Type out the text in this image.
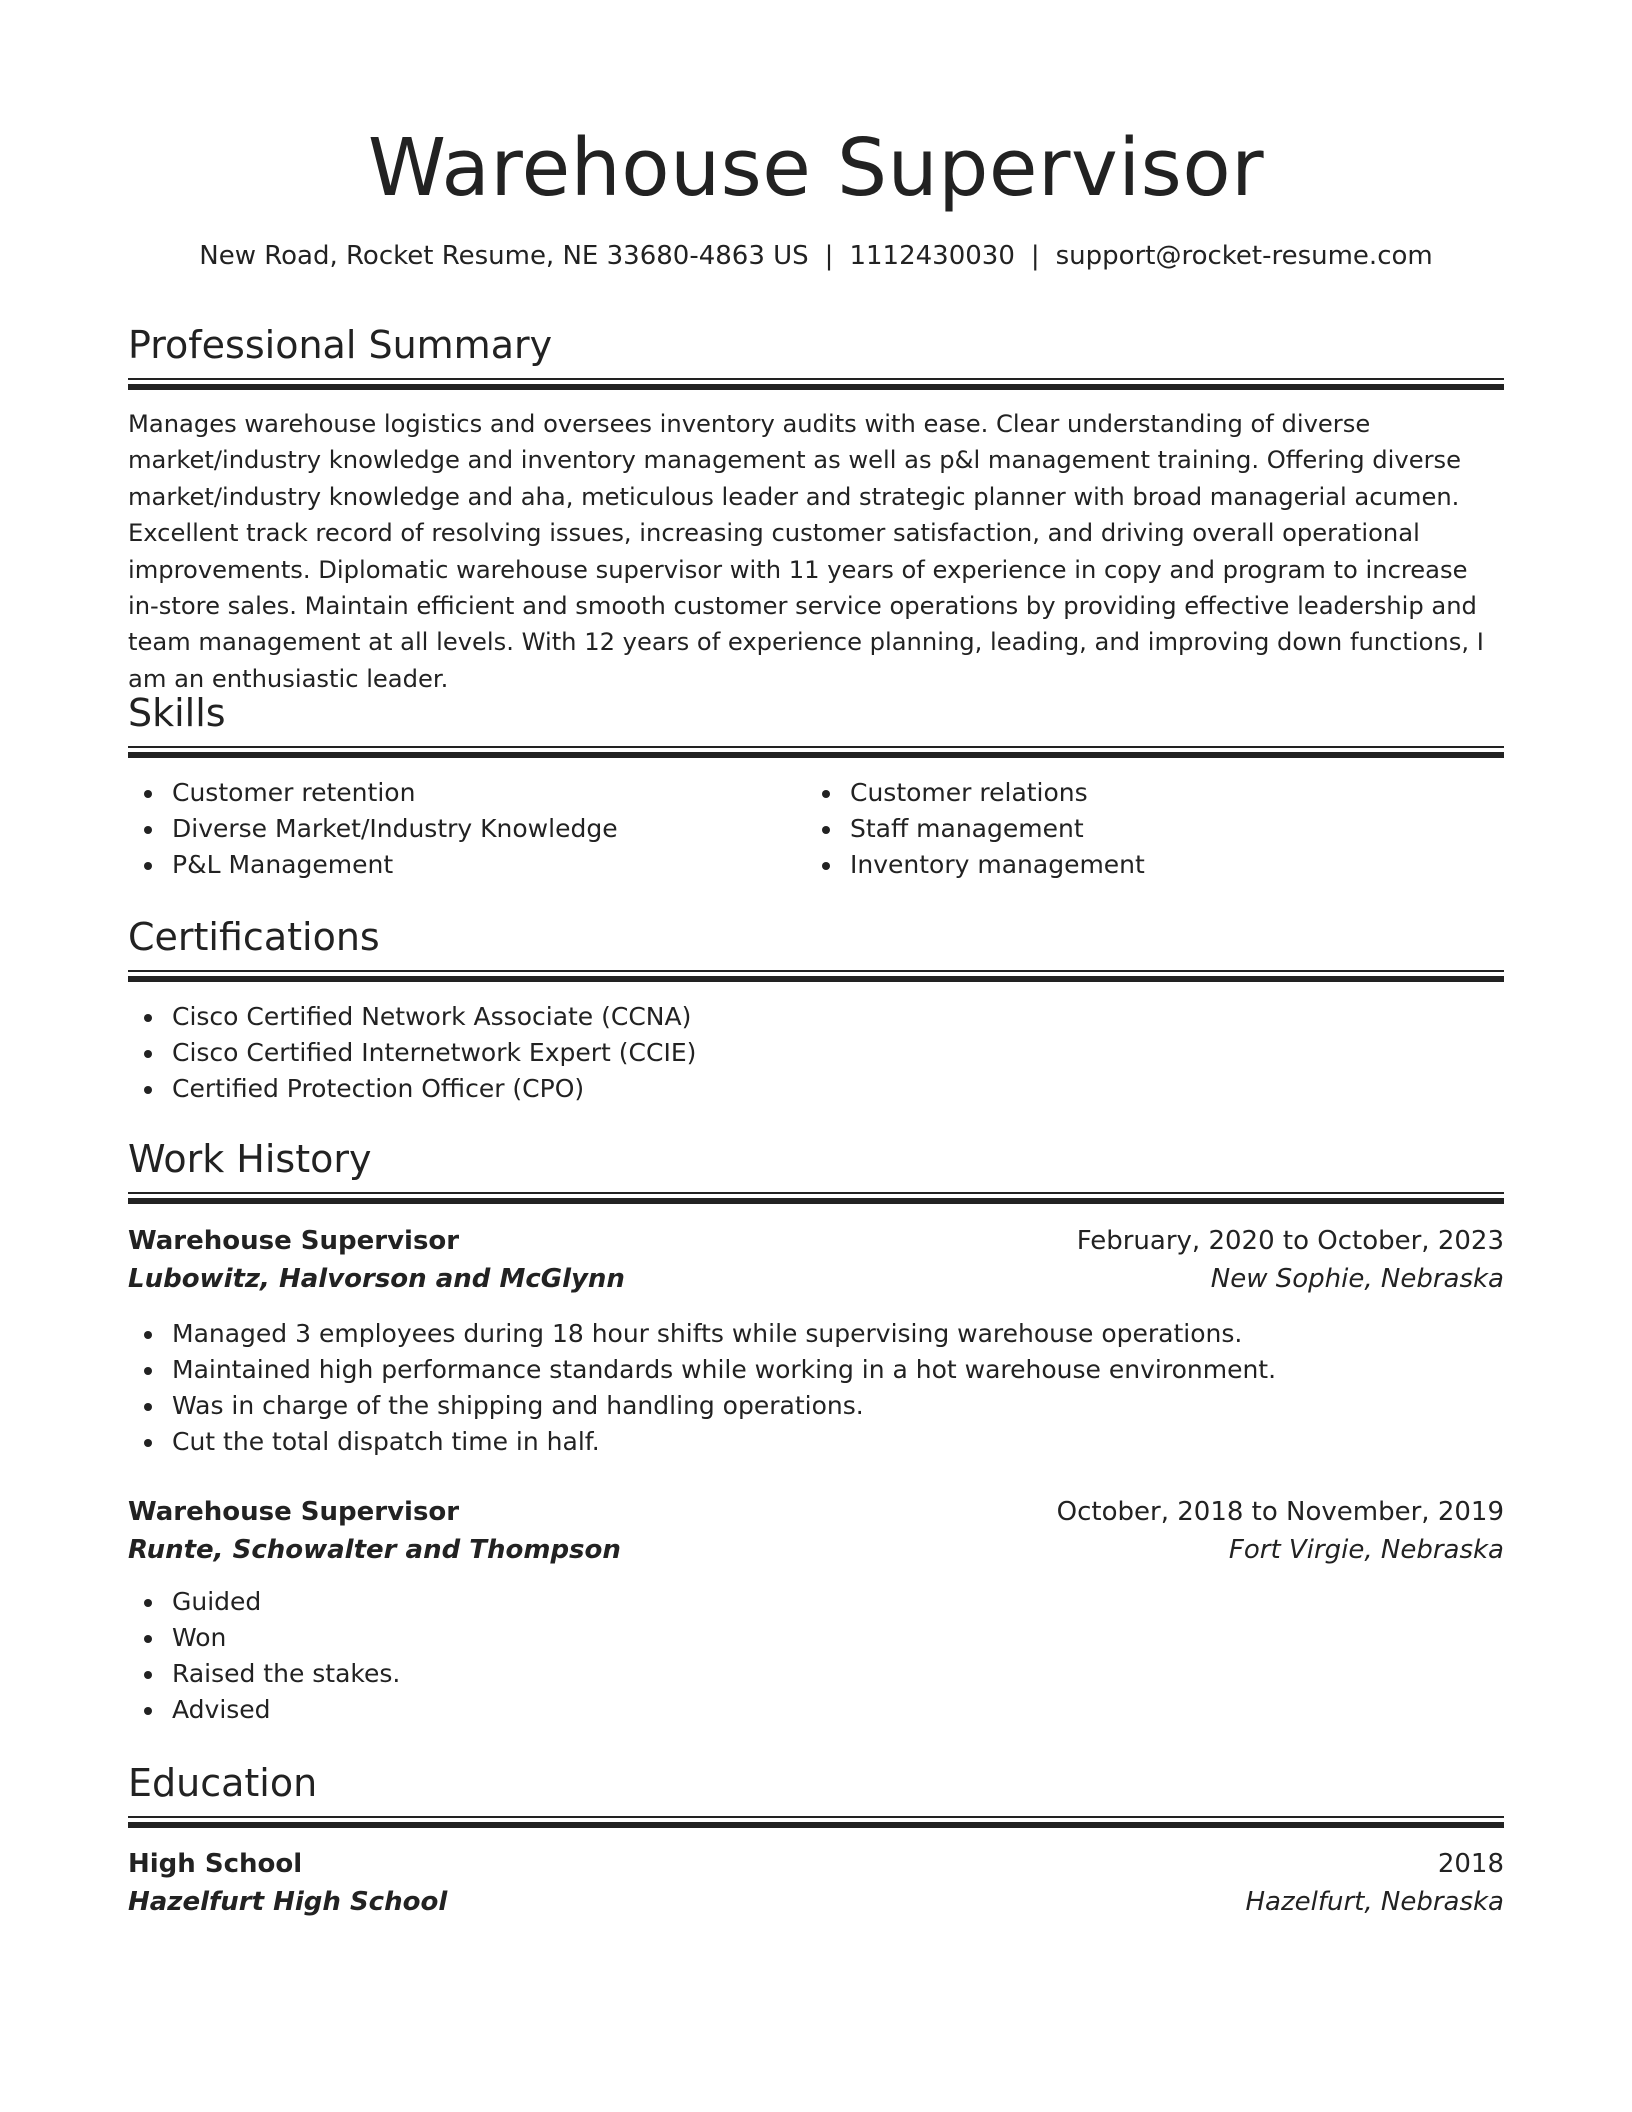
Warehouse Supervisor
New Road, Rocket Resume, NE 33680-4863 US | 1112430030 | support@rocket-resume.com
Professional Summary

Manages warehouse logistics and oversees inventory audits with ease. Clear understanding of diverse market/industry knowledge and inventory management as well as p&l management training. Offering diverse market/industry knowledge and aha, meticulous leader and strategic planner with broad managerial acumen. Excellent track record of resolving issues, increasing customer satisfaction, and driving overall operational improvements. Diplomatic warehouse supervisor with 11 years of experience in copy and program to increase in-store sales. Maintain efficient and smooth customer service operations by providing effective leadership and team management at all levels. With 12 years of experience planning, leading, and improving down functions, I am an enthusiastic leader.

Skills
Customer retention
Diverse Market/Industry Knowledge
P&L Management
Customer relations
Staff management
Inventory management
Certifications
Cisco Certified Network Associate (CCNA)
Cisco Certified Internetwork Expert (CCIE)
Certified Protection Officer (CPO)
Work History
Warehouse Supervisor	February, 2020 to October, 2023
Lubowitz, Halvorson and McGlynn	New Sophie, Nebraska
Managed 3 employees during 18 hour shifts while supervising warehouse operations.
Maintained high performance standards while working in a hot warehouse environment.
Was in charge of the shipping and handling operations.
Cut the total dispatch time in half.
Warehouse Supervisor	October, 2018 to November, 2019
Runte, Schowalter and Thompson	Fort Virgie, Nebraska
Guided
Won
Raised the stakes.
Advised
Education
High School	2018
Hazelfurt High School	Hazelfurt, Nebraska
